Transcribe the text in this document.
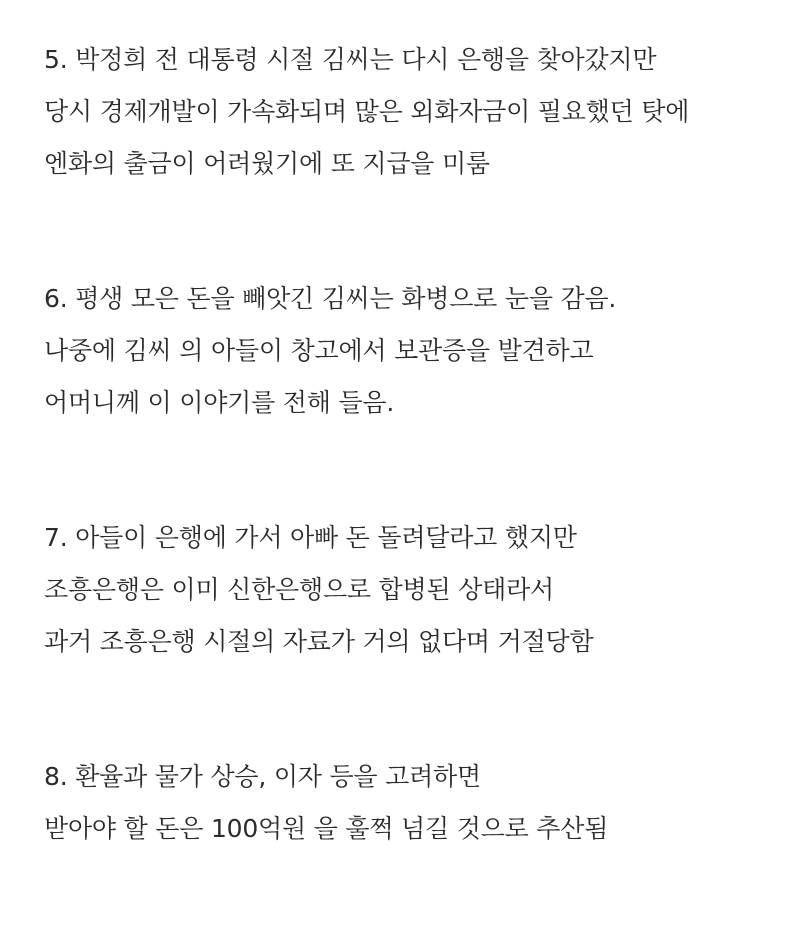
5. 박정희 전 대통령 시절 김씨는 다시 은행을 찾아갔지만
당시 경제개발이 가속화되며 많은 외화자금이 필요했던 탓에
엔화의 출금이 어려웠기에 또 지급을 미룸
6. 평생 모은 돈을 빼앗긴 김씨는 화병으로 눈을 감음.
나중에 김씨 의 아들이 창고에서 보관증을 발견하고
어머니께 이 이야기를 전해 들음.
7. 아들이 은행에 가서 아빠 돈 돌려달라고 했지만
조흥은행은 이미 신한은행으로 합병된 상태라서
과거 조흥은행 시절의 자료가 거의 없다며 거절당함
8. 환율과 물가 상승, 이자 등을 고려하면
받아야 할 돈은 100억원 을 훌쩍 넘길 것으로 추산됨
